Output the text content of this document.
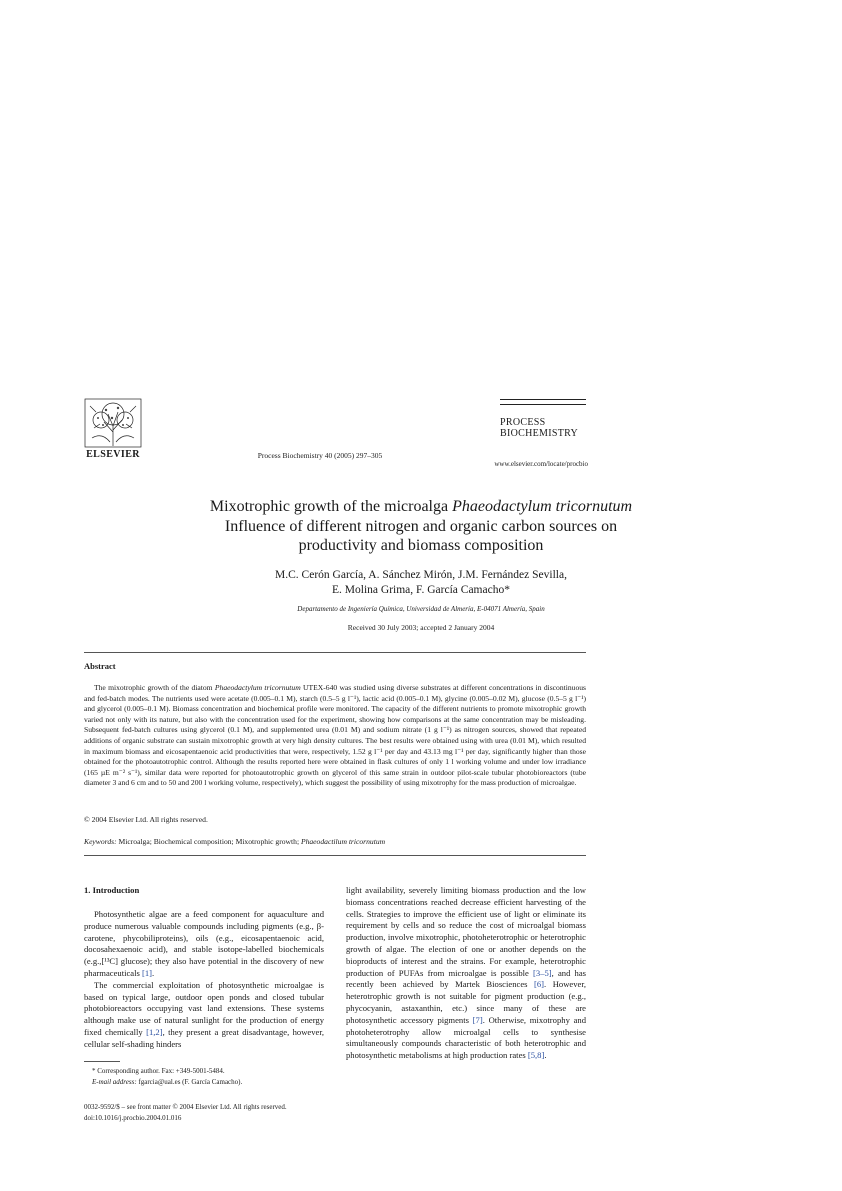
ELSEVIER	Process Biochemistry 40 (2005) 297–305
PROCESS
BIOCHEMISTRY
www.elsevier.com/locate/procbio
Mixotrophic growth of the microalga Phaeodactylum tricornutum
Influence of different nitrogen and organic carbon sources on
productivity and biomass composition
M.C. Cerón García, A. Sánchez Mirón, J.M. Fernández Sevilla,
E. Molina Grima, F. García Camacho*
Departamento de Ingeniería Química, Universidad de Almería, E-04071 Almería, Spain
Received 30 July 2003; accepted 2 January 2004
Abstract
The mixotrophic growth of the diatom Phaeodactylum tricornutum UTEX-640 was studied using diverse substrates at different concentrations in discontinuous and fed-batch modes. The nutrients used were acetate (0.005–0.1 M), starch (0.5–5 g l⁻¹), lactic acid (0.005–0.1 M), glycine (0.005–0.02 M), glucose (0.5–5 g l⁻¹) and glycerol (0.005–0.1 M). Biomass concentration and biochemical profile were monitored. The capacity of the different nutrients to promote mixotrophic growth varied not only with its nature, but also with the concentration used for the experiment, showing how comparisons at the same concentration may be misleading. Subsequent fed-batch cultures using glycerol (0.1 M), and supplemented urea (0.01 M) and sodium nitrate (1 g l⁻¹) as nitrogen sources, showed that repeated additions of organic substrate can sustain mixotrophic growth at very high density cultures. The best results were obtained using with urea (0.01 M), which resulted in maximum biomass and eicosapentaenoic acid productivities that were, respectively, 1.52 g l⁻¹ per day and 43.13 mg l⁻¹ per day, significantly higher than those obtained for the photoautotrophic control. Although the results reported here were obtained in flask cultures of only 1 l working volume and under low irradiance (165 µE m⁻² s⁻¹), similar data were reported for photoautotrophic growth on glycerol of this same strain in outdoor pilot-scale tubular photobioreactors (tube diameter 3 and 6 cm and to 50 and 200 l working volume, respectively), which suggest the possibility of using mixotrophy for the mass production of microalgae.
© 2004 Elsevier Ltd. All rights reserved.
Keywords: Microalga; Biochemical composition; Mixotrophic growth; Phaeodactilum tricornutum
1. Introduction

Photosynthetic algae are a feed component for aquaculture and produce numerous valuable compounds including pigments (e.g., β-carotene, phycobiliproteins), oils (e.g., eicosapentaenoic acid, docosahexaenoic acid), and stable isotope-labelled biochemicals (e.g.,[¹³C] glucose); they also have potential in the discovery of new pharmaceuticals [1].

The commercial exploitation of photosynthetic microalgae is based on typical large, outdoor open ponds and closed tubular photobioreactors occupying vast land extensions. These systems although make use of natural sunlight for the production of energy fixed chemically [1,2], they present a great disadvantage, however, cellular self-shading hinders

light availability, severely limiting biomass production and the low biomass concentrations reached decrease efficient harvesting of the cells. Strategies to improve the efficient use of light or eliminate its requirement by cells and so reduce the cost of microalgal biomass production, involve mixotrophic, photoheterotrophic or heterotrophic growth of algae. The election of one or another depends on the bioproducts of interest and the strains. For example, heterotrophic production of PUFAs from microalgae is possible [3–5], and has recently been achieved by Martek Biosciences [6]. However, heterotrophic growth is not suitable for pigment production (e.g., phycocyanin, astaxanthin, etc.) since many of these are photosynthetic accessory pigments [7]. Otherwise, mixotrophy and photoheterotrophy allow microalgal cells to synthesise simultaneously compounds characteristic of both heterotrophic and photosynthetic metabolisms at high production rates [5,8].

* Corresponding author. Fax: +349-5001-5484.
E-mail address: fgarcia@ual.es (F. García Camacho).
0032-9592/$ – see front matter © 2004 Elsevier Ltd. All rights reserved.
doi:10.1016/j.procbio.2004.01.016
